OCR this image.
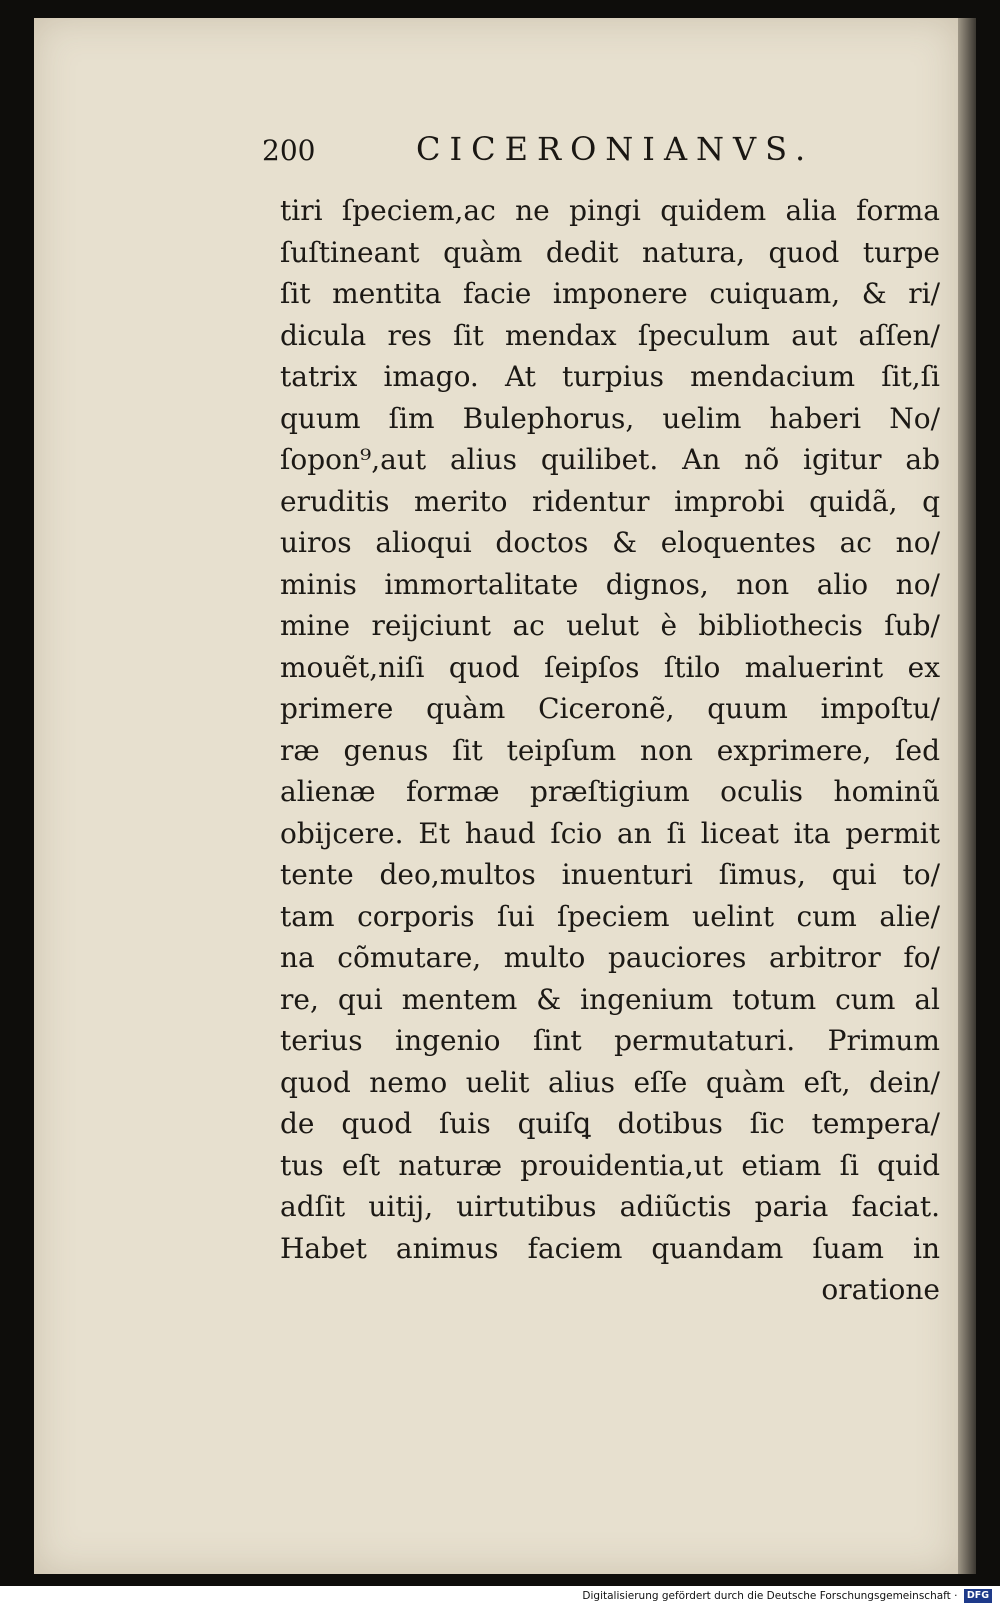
200	CICERONIANVS.
tiri ſpeciem,ac ne pingi quidem alia forma
ſuſtineant quàm dedit natura, quod turpe
ſit mentita facie imponere cuiquam, & ri/
dicula res ſit mendax ſpeculum aut aſſen/
tatrix imago. At turpius mendacium ſit,ſi
quum ſim Bulephorus, uelim haberi No/
ſopon⁹,aut alius quilibet. An nõ igitur ab
eruditis merito ridentur improbi quidã, q
uiros alioqui doctos & eloquentes ac no/
minis immortalitate dignos, non alio no/
mine reijciunt ac uelut è bibliothecis ſub/
mouẽt,niſi quod ſeipſos ſtilo maluerint ex
primere quàm Ciceronẽ, quum impoſtu/
ræ genus ſit teipſum non exprimere, ſed
alienæ formæ præſtigium oculis hominũ
obijcere. Et haud ſcio an ſi liceat ita permit
tente deo,multos inuenturi ſimus, qui to/
tam corporis ſui ſpeciem uelint cum alie/
na cõmutare, multo pauciores arbitror fo/
re, qui mentem & ingenium totum cum al
terius ingenio ſint permutaturi. Primum
quod nemo uelit alius eſſe quàm eſt, dein/
de quod ſuis quiſꝗ dotibus ſic tempera/
tus eſt naturæ prouidentia,ut etiam ſi quid
adſit uitij, uirtutibus adiũctis paria faciat.
Habet animus faciem quandam ſuam in
oratione
Digitalisierung gefördert durch die Deutsche Forschungsgemeinschaft · DFG
